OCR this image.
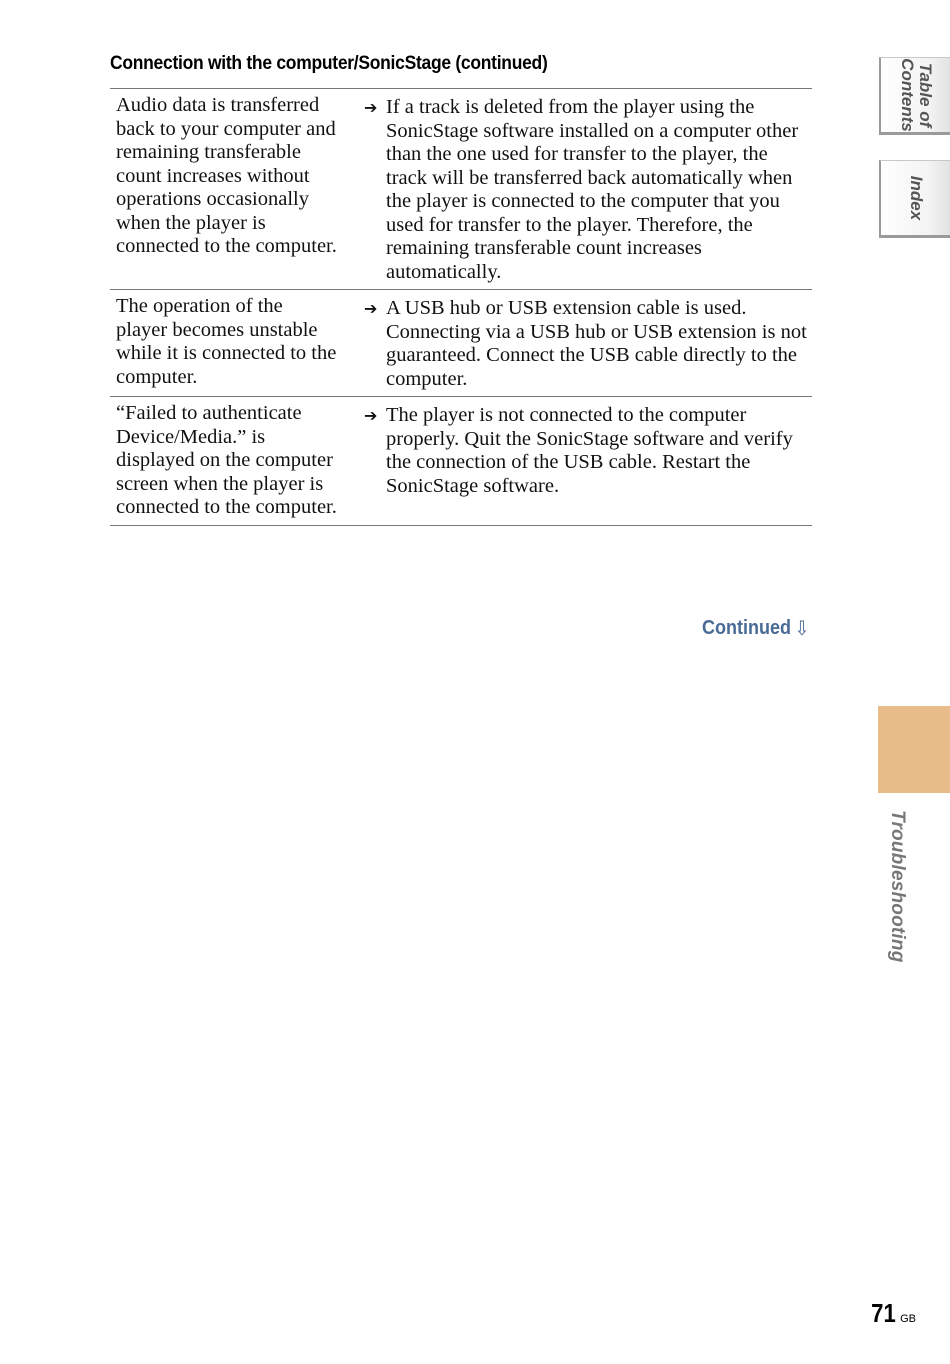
Connection with the computer/SonicStage (continued)
Audio data is transferred back to your computer and remaining transferable count increases without operations occasionally when the player is connected to the computer.	➔ If a track is deleted from the player using the SonicStage software installed on a computer other than the one used for transfer to the player, the track will be transferred back automatically when the player is connected to the computer that you used for transfer to the player. Therefore, the remaining transferable count increases automatically.

The operation of the player becomes unstable while it is connected to the computer.	➔ A USB hub or USB extension cable is used. Connecting via a USB hub or USB extension is not guaranteed. Connect the USB cable directly to the computer.

“Failed to authenticate Device/Media.” is displayed on the computer screen when the player is connected to the computer.	➔ The player is not connected to the computer properly. Quit the SonicStage software and verify the connection of the USB cable. Restart the SonicStage software.
Continued ⇩
Table of
Contents
Index
Troubleshooting
71 GB
